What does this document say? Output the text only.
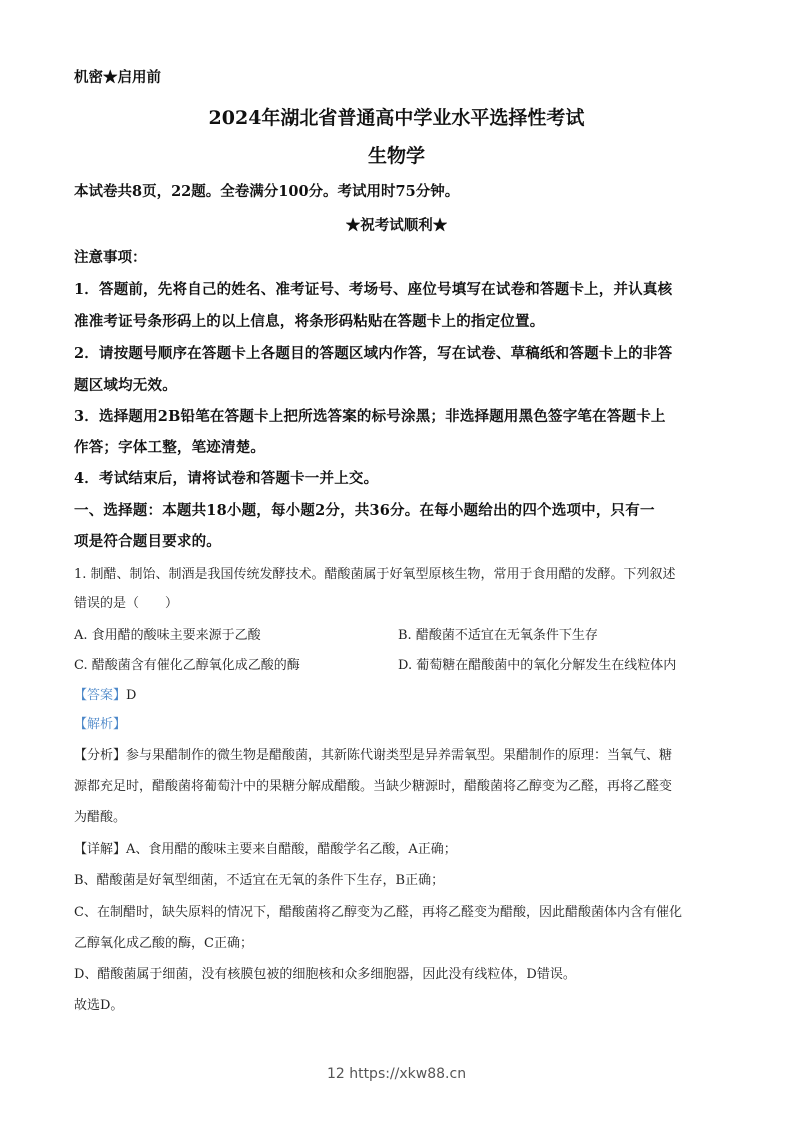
机密★启用前
2024年湖北省普通高中学业水平选择性考试
生物学
本试卷共8页，22题。全卷满分100分。考试用时75分钟。
★祝考试顺利★
注意事项：
1．答题前，先将自己的姓名、准考证号、考场号、座位号填写在试卷和答题卡上，并认真核
准准考证号条形码上的以上信息，将条形码粘贴在答题卡上的指定位置。
2．请按题号顺序在答题卡上各题目的答题区域内作答，写在试卷、草稿纸和答题卡上的非答
题区域均无效。
3．选择题用2B铅笔在答题卡上把所选答案的标号涂黑；非选择题用黑色签字笔在答题卡上
作答；字体工整，笔迹清楚。
4．考试结束后，请将试卷和答题卡一并上交。
一、选择题：本题共18小题，每小题2分，共36分。在每小题给出的四个选项中，只有一
项是符合题目要求的。
1. 制醋、制饴、制酒是我国传统发酵技术。醋酸菌属于好氧型原核生物，常用于食用醋的发酵。下列叙述
错误的是（　　）
A. 食用醋的酸味主要来源于乙酸	B. 醋酸菌不适宜在无氧条件下生存
C. 醋酸菌含有催化乙醇氧化成乙酸的酶	D. 葡萄糖在醋酸菌中的氧化分解发生在线粒体内
【答案】D
【解析】
【分析】参与果醋制作的微生物是醋酸菌，其新陈代谢类型是异养需氧型。果醋制作的原理：当氧气、糖
源都充足时，醋酸菌将葡萄汁中的果糖分解成醋酸。当缺少糖源时，醋酸菌将乙醇变为乙醛，再将乙醛变
为醋酸。
【详解】A、食用醋的酸味主要来自醋酸，醋酸学名乙酸，A正确；
B、醋酸菌是好氧型细菌，不适宜在无氧的条件下生存，B正确；
C、在制醋时，缺失原料的情况下，醋酸菌将乙醇变为乙醛，再将乙醛变为醋酸，因此醋酸菌体内含有催化
乙醇氧化成乙酸的酶，C正确；
D、醋酸菌属于细菌，没有核膜包被的细胞核和众多细胞器，因此没有线粒体，D错误。
故选D。
12 https://xkw88.cn
